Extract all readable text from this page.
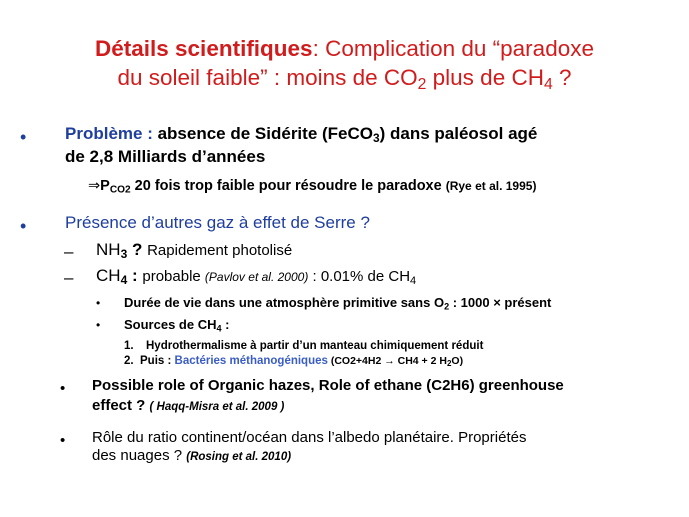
Détails scientifiques: Complication du “paradoxe
du soleil faible” : moins de $CO_2$ plus de $CH_4$ ?
• Problème : absence de Sidérite (FeCO$_3$) dans paléosol agé
de 2,8 Milliards d’années
$\Rightarrow P_{CO2}$ 20 fois trop faible pour résoudre le paradoxe (Rye et al. 1995)
• Présence d’autres gaz à effet de Serre ?
– $NH_3$ ? Rapidement photolisé
– $CH_4$ : probable (Pavlov et al. 2000) : 0.01% de $CH_4$
• Durée de vie dans une atmosphère primitive sans $O_2$ : 1000 × présent
• Sources de $CH_4$ :
1. Hydrothermalisme à partir d’un manteau chimiquement réduit
2. Puis : Bactéries méthanogéniques (CO2+4H2 → CH4 + 2 $H_2O$)
• Possible role of Organic hazes, Role of ethane (C2H6) greenhouse
effect ? ( Haqq-Misra et al. 2009 )
• Rôle du ratio continent/océan dans l’albedo planétaire. Propriétés
des nuages ? (Rosing et al. 2010)
